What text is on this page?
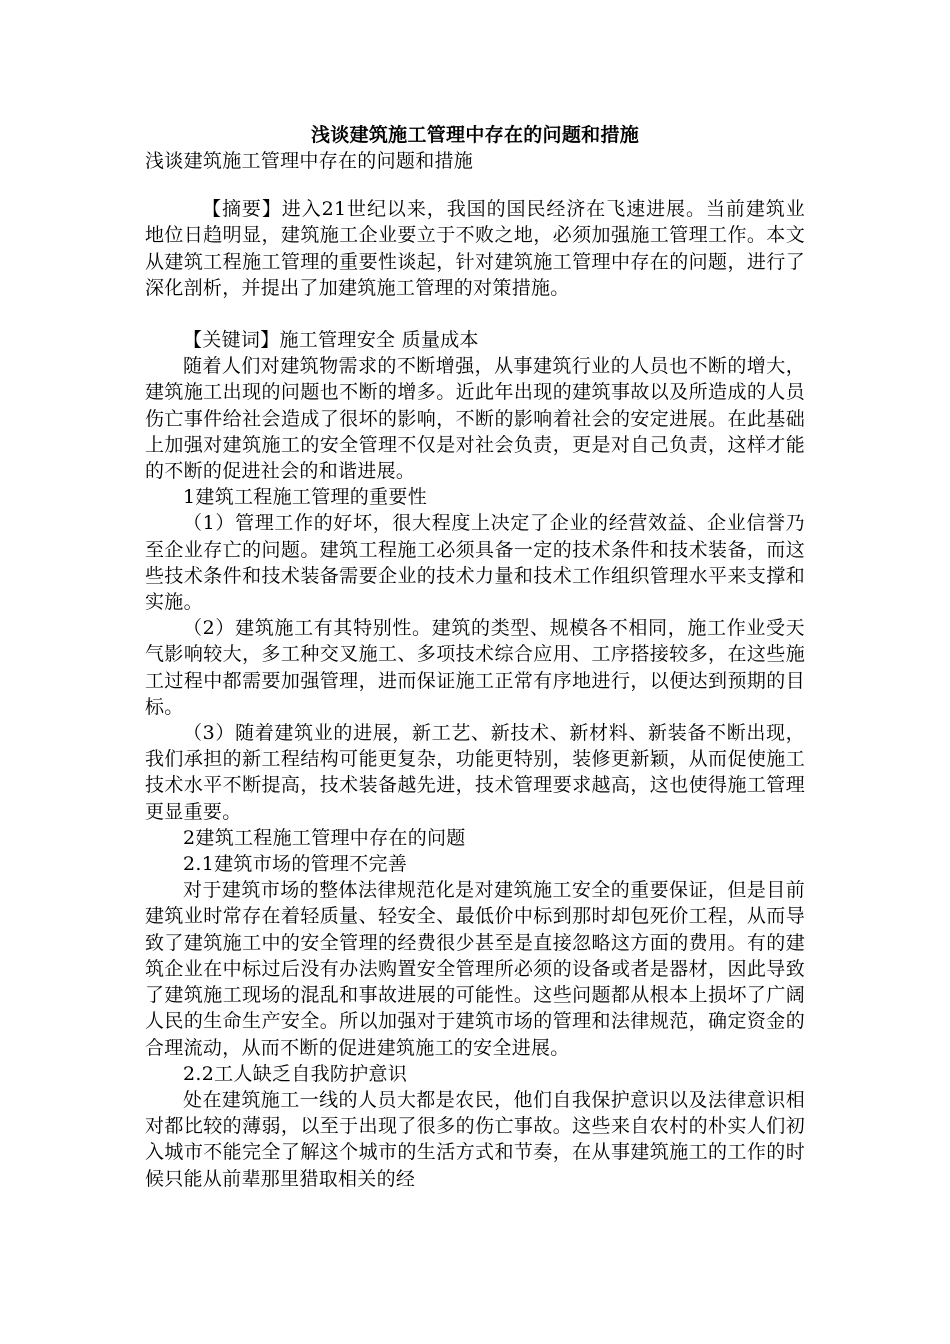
浅谈建筑施工管理中存在的问题和措施

浅谈建筑施工管理中存在的问题和措施

【摘要】进入21世纪以来，我国的国民经济在飞速进展。当前建筑业地位日趋明显，建筑施工企业要立于不败之地，必须加强施工管理工作。本文从建筑工程施工管理的重要性谈起，针对建筑施工管理中存在的问题，进行了深化剖析，并提出了加建筑施工管理的对策措施。

【关键词】施工管理安全 质量成本

随着人们对建筑物需求的不断增强，从事建筑行业的人员也不断的增大，建筑施工出现的问题也不断的增多。近此年出现的建筑事故以及所造成的人员伤亡事件给社会造成了很坏的影响，不断的影响着社会的安定进展。在此基础上加强对建筑施工的安全管理不仅是对社会负责，更是对自己负责，这样才能的不断的促进社会的和谐进展。

1建筑工程施工管理的重要性

（1）管理工作的好坏，很大程度上决定了企业的经营效益、企业信誉乃至企业存亡的问题。建筑工程施工必须具备一定的技术条件和技术装备，而这些技术条件和技术装备需要企业的技术力量和技术工作组织管理水平来支撑和实施。

（2）建筑施工有其特别性。建筑的类型、规模各不相同，施工作业受天气影响较大，多工种交叉施工、多项技术综合应用、工序搭接较多，在这些施工过程中都需要加强管理，进而保证施工正常有序地进行，以便达到预期的目标。

（3）随着建筑业的进展，新工艺、新技术、新材料、新装备不断出现，我们承担的新工程结构可能更复杂，功能更特别，装修更新颖，从而促使施工技术水平不断提高，技术装备越先进，技术管理要求越高，这也使得施工管理更显重要。

2建筑工程施工管理中存在的问题

2.1建筑市场的管理不完善

对于建筑市场的整体法律规范化是对建筑施工安全的重要保证，但是目前建筑业时常存在着轻质量、轻安全、最低价中标到那时却包死价工程，从而导致了建筑施工中的安全管理的经费很少甚至是直接忽略这方面的费用。有的建筑企业在中标过后没有办法购置安全管理所必须的设备或者是器材，因此导致了建筑施工现场的混乱和事故进展的可能性。这些问题都从根本上损坏了广阔人民的生命生产安全。所以加强对于建筑市场的管理和法律规范，确定资金的合理流动，从而不断的促进建筑施工的安全进展。

2.2工人缺乏自我防护意识

处在建筑施工一线的人员大都是农民，他们自我保护意识以及法律意识相对都比较的薄弱，以至于出现了很多的伤亡事故。这些来自农村的朴实人们初入城市不能完全了解这个城市的生活方式和节奏，在从事建筑施工的工作的时候只能从前辈那里猎取相关的经
